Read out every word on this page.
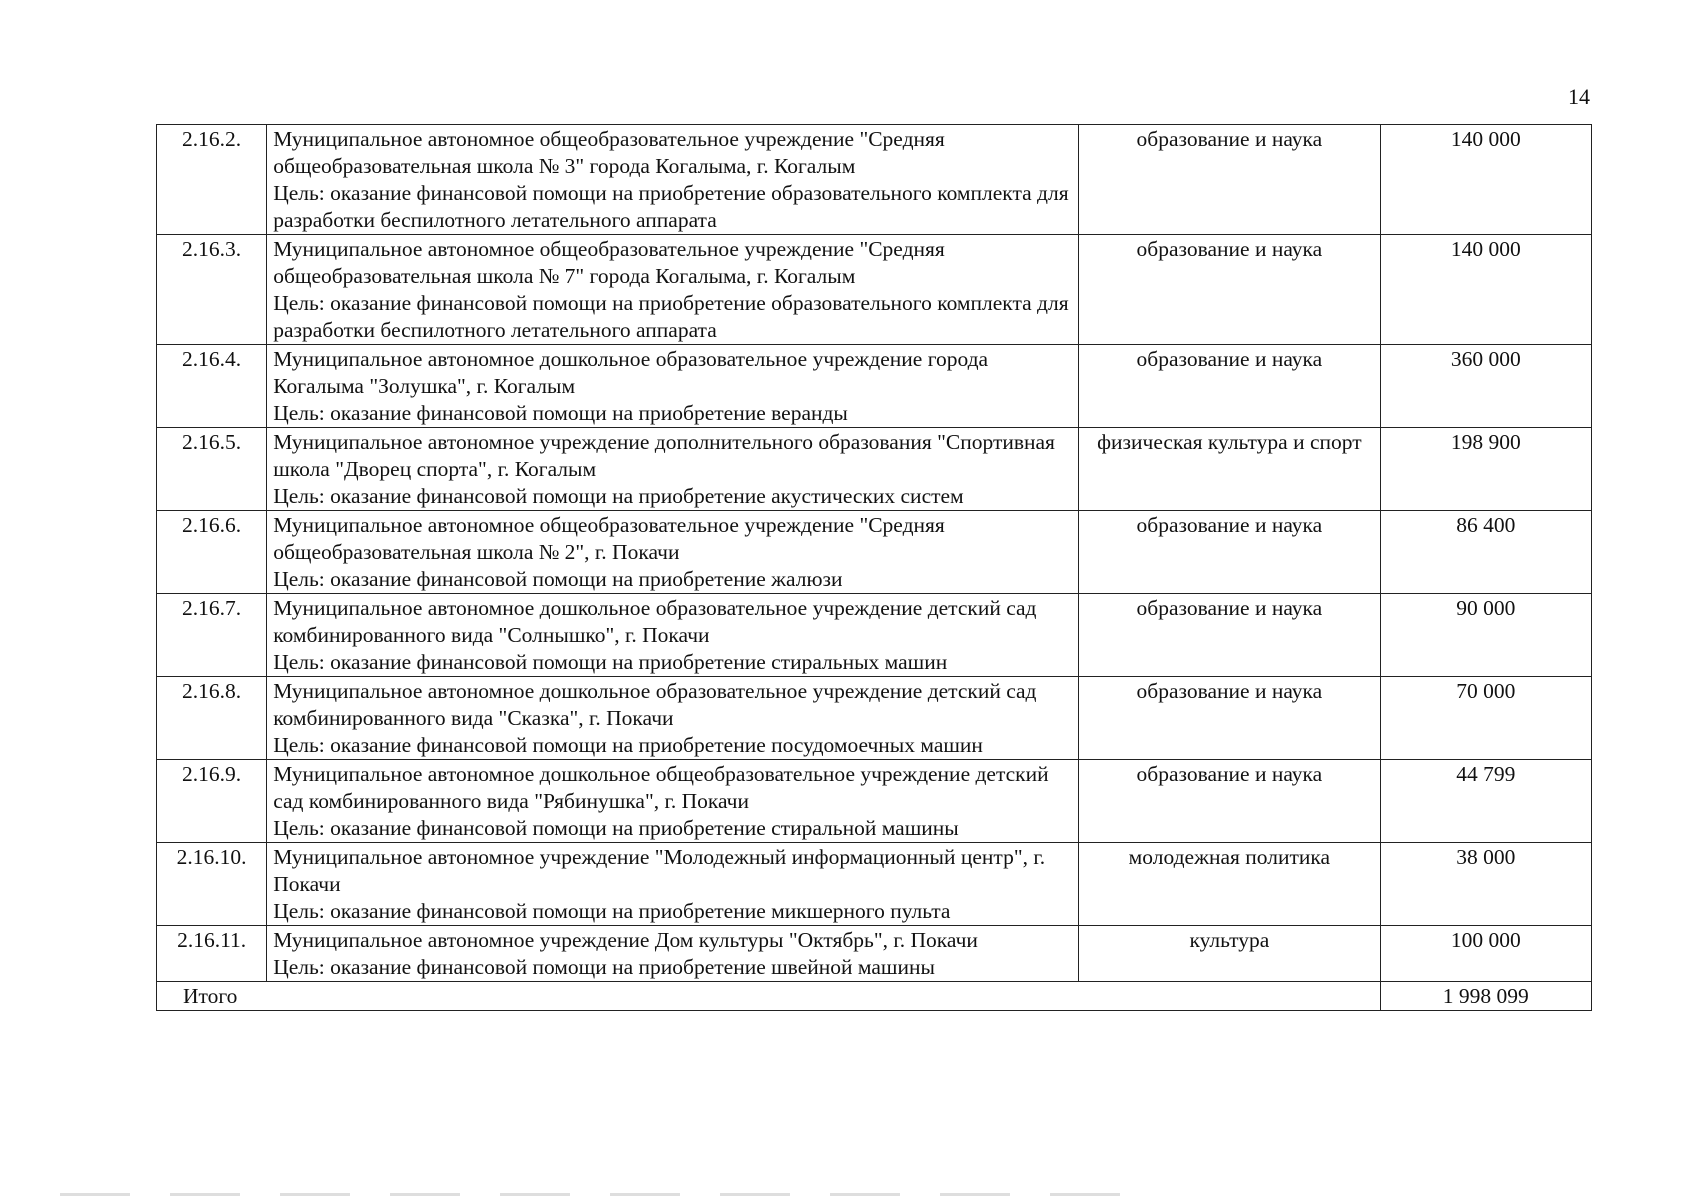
14
2.16.2.	Муниципальное автономное общеобразовательное учреждение "Средняя общеобразовательная школа № 3" города Когалыма, г. Когалым
Цель: оказание финансовой помощи на приобретение образовательного комплекта для разработки беспилотного летательного аппарата	образование и наука	140 000
2.16.3.	Муниципальное автономное общеобразовательное учреждение "Средняя общеобразовательная школа № 7" города Когалыма, г. Когалым
Цель: оказание финансовой помощи на приобретение образовательного комплекта для разработки беспилотного летательного аппарата	образование и наука	140 000
2.16.4.	Муниципальное автономное дошкольное образовательное учреждение города Когалыма "Золушка", г. Когалым
Цель: оказание финансовой помощи на приобретение веранды	образование и наука	360 000
2.16.5.	Муниципальное автономное учреждение дополнительного образования "Спортивная школа "Дворец спорта", г. Когалым
Цель: оказание финансовой помощи на приобретение акустических систем	физическая культура и спорт	198 900
2.16.6.	Муниципальное автономное общеобразовательное учреждение "Средняя общеобразовательная школа № 2", г. Покачи
Цель: оказание финансовой помощи на приобретение жалюзи	образование и наука	86 400
2.16.7.	Муниципальное автономное дошкольное образовательное учреждение детский сад комбинированного вида "Солнышко", г. Покачи
Цель: оказание финансовой помощи на приобретение стиральных машин	образование и наука	90 000
2.16.8.	Муниципальное автономное дошкольное образовательное учреждение детский сад комбинированного вида "Сказка", г. Покачи
Цель: оказание финансовой помощи на приобретение посудомоечных машин	образование и наука	70 000
2.16.9.	Муниципальное автономное дошкольное общеобразовательное учреждение детский сад комбинированного вида "Рябинушка", г. Покачи
Цель: оказание финансовой помощи на приобретение стиральной машины	образование и наука	44 799
2.16.10.	Муниципальное автономное учреждение "Молодежный информационный центр", г. Покачи
Цель: оказание финансовой помощи на приобретение микшерного пульта	молодежная политика	38 000
2.16.11.	Муниципальное автономное учреждение Дом культуры "Октябрь", г. Покачи
Цель: оказание финансовой помощи на приобретение швейной машины	культура	100 000
Итого			1 998 099
